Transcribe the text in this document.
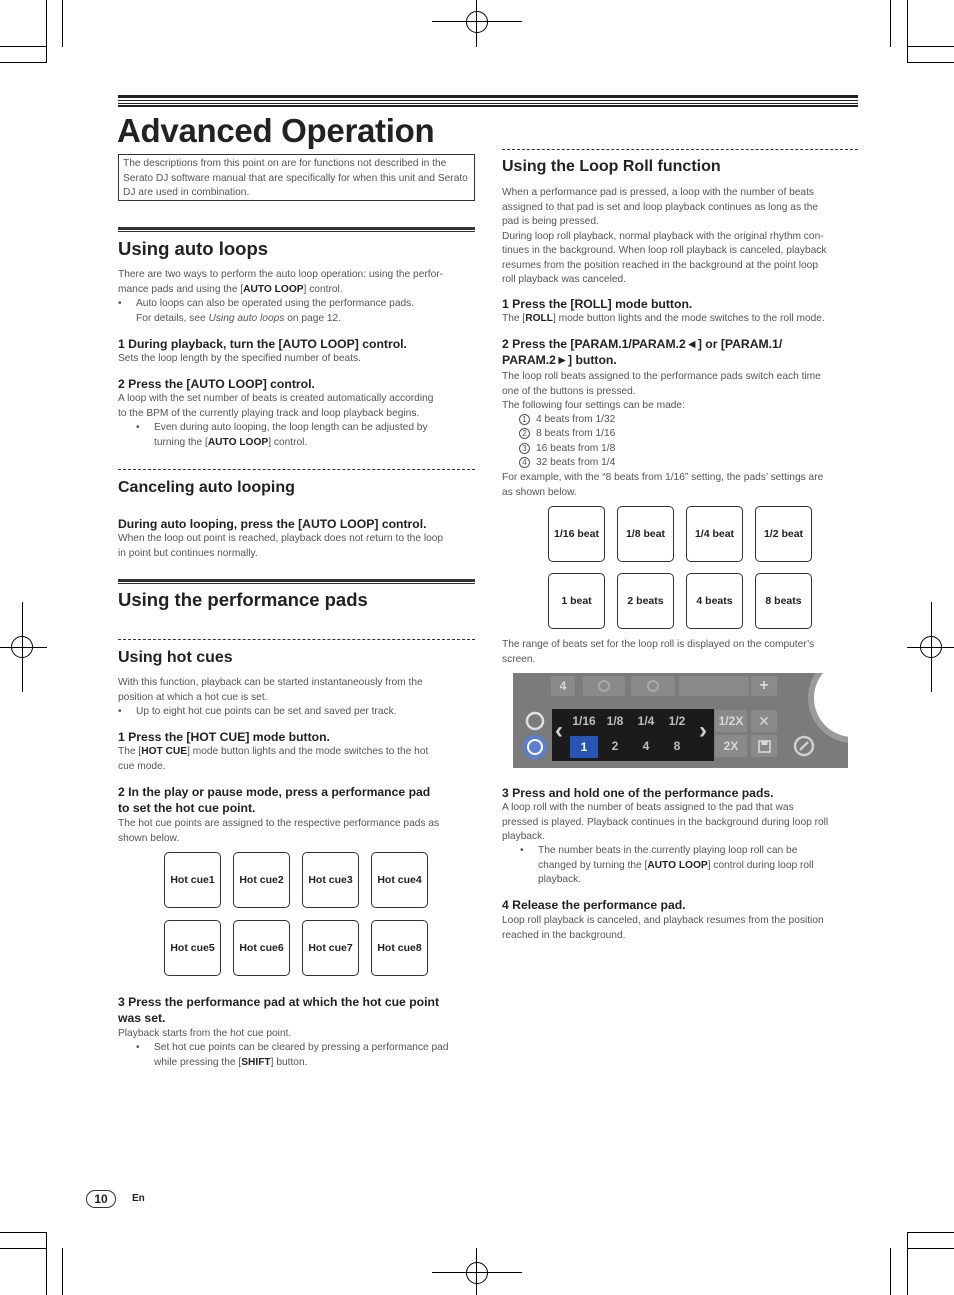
Advanced Operation
The descriptions from this point on are for functions not described in the Serato DJ software manual that are specifically for when this unit and Serato DJ are used in combination.
Using auto loops
There are two ways to perform the auto loop operation: using the perfor-
mance pads and using the [AUTO LOOP] control.
• Auto loops can also be operated using the performance pads.
For details, see Using auto loops on page 12.
1 During playback, turn the [AUTO LOOP] control.
Sets the loop length by the specified number of beats.
2 Press the [AUTO LOOP] control.
A loop with the set number of beats is created automatically according
to the BPM of the currently playing track and loop playback begins.
• Even during auto looping, the loop length can be adjusted by
turning the [AUTO LOOP] control.
Canceling auto looping
During auto looping, press the [AUTO LOOP] control.
When the loop out point is reached, playback does not return to the loop
in point but continues normally.
Using the performance pads
Using hot cues
With this function, playback can be started instantaneously from the
position at which a hot cue is set.
• Up to eight hot cue points can be set and saved per track.
1 Press the [HOT CUE] mode button.
The [HOT CUE] mode button lights and the mode switches to the hot
cue mode.
2 In the play or pause mode, press a performance pad
to set the hot cue point.
The hot cue points are assigned to the respective performance pads as
shown below.
Hot cue1	Hot cue2	Hot cue3	Hot cue4
Hot cue5	Hot cue6	Hot cue7	Hot cue8
3 Press the performance pad at which the hot cue point
was set.
Playback starts from the hot cue point.
• Set hot cue points can be cleared by pressing a performance pad
while pressing the [SHIFT] button.
Using the Loop Roll function
When a performance pad is pressed, a loop with the number of beats
assigned to that pad is set and loop playback continues as long as the
pad is being pressed.
During loop roll playback, normal playback with the original rhythm con-
tinues in the background. When loop roll playback is canceled, playback
resumes from the position reached in the background at the point loop
roll playback was canceled.
1 Press the [ROLL] mode button.
The [ROLL] mode button lights and the mode switches to the roll mode.
2 Press the [PARAM.1/PARAM.2◄] or [PARAM.1/
PARAM.2►] button.
The loop roll beats assigned to the performance pads switch each time
one of the buttons is pressed.
The following four settings can be made:
1 4 beats from 1/32
2 8 beats from 1/16
3 16 beats from 1/8
4 32 beats from 1/4
For example, with the “8 beats from 1/16” setting, the pads’ settings are
as shown below.
1/16 beat	1/8 beat	1/4 beat	1/2 beat
1 beat	2 beats	4 beats	8 beats
The range of beats set for the loop roll is displayed on the computer’s
screen.
4	+
‹ 1/16 1/8	1/4	1/2
1	2	4	8
› 1/2X
2X
✕
3 Press and hold one of the performance pads.
A loop roll with the number of beats assigned to the pad that was
pressed is played. Playback continues in the background during loop roll
playback.
• The number beats in the currently playing loop roll can be
changed by turning the [AUTO LOOP] control during loop roll
playback.
4 Release the performance pad.
Loop roll playback is canceled, and playback resumes from the position
reached in the background.
10	En
